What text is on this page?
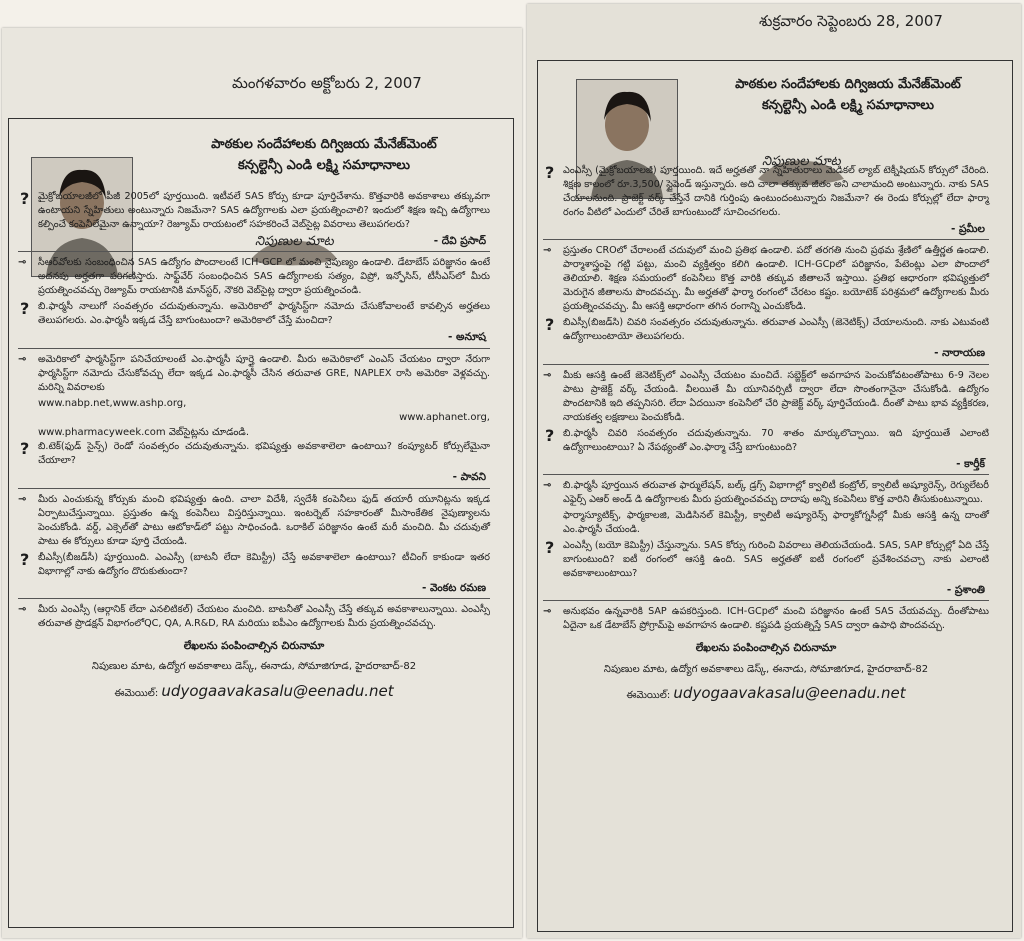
మంగళవారం అక్టోబరు 2, 2007
పాఠకుల సందేహాలకు దిగ్విజయ మేనేజ్‌మెంట్
కన్సల్టెన్సీ ఎండి లక్ష్మి సమాధానాలు
నిపుణుల మాట
? మైక్రోబయాలజీలో పీజీ 2005లో పూర్తయింది. ఇటీవలే SAS కోర్సు కూడా పూర్తిచేశాను. కొత్తవారికి అవకాశాలు తక్కువగా ఉంటాయని స్నేహితులు అంటున్నారు నిజమేనా? SAS ఉద్యోగాలకు ఎలా ప్రయత్నించాలి? ఇందులో శిక్షణ ఇచ్చి ఉద్యోగాలు కల్పించే కంపెనీలేమైనా ఉన్నాయా? రెజ్యూమ్ రాయటంలో సహకరించే వెబ్‌సైట్ల వివరాలు తెలుపగలరు?
- దేవి ప్రసాద్
⊸ సీఆర్‌వోలకు సంబంధించిన SAS ఉద్యోగం పొందాలంటే ICH-GCP లో మంచి నైపుణ్యం ఉండాలి. డేటాబేస్ పరిజ్ఞానం ఉంటే అదనపు అర్హతగా పరిగణిస్తారు. సాఫ్ట్‌వేర్ సంబంధించిన SAS ఉద్యోగాలకు సత్యం, విప్రో, ఇన్ఫోసిస్, టీసీఎస్‌లో మీరు ప్రయత్నించవచ్చు రెజ్యూమ్ రాయటానికి మాన్‌స్టర్, నౌకరి వెబ్‌సైట్ల ద్వారా ప్రయత్నించండి.
? బి.ఫార్మసీ నాలుగో సంవత్సరం చదువుతున్నాను. అమెరికాలో ఫార్మసిస్ట్‌గా నమోదు చేసుకోవాలంటే కావల్సిన అర్హతలు తెలుపగలరు. ఎం.ఫార్మసీ ఇక్కడ చేస్తే బాగుంటుందా? అమెరికాలో చేస్తే మంచిదా?
- అనూష
⊸ అమెరికాలో ఫార్మసిస్ట్‌గా పనిచేయాలంటే ఎం.ఫార్మసీ పూర్తై ఉండాలి. మీరు అమెరికాలో ఎంఎస్ చేయటం ద్వారా నేరుగా ఫార్మసిస్ట్‌గా నమోదు చేసుకోవచ్చు లేదా ఇక్కడ ఎం.ఫార్మసీ చేసిన తరువాత GRE, NAPLEX రాసి అమెరికా వెళ్లవచ్చు. మరిన్ని వివరాలకు
www.nabp.net,www.ashp.org,
www.aphanet.org,
www.pharmacyweek.com వెబ్‌సైట్లను చూడండి.
? బి.టెక్(ఫుడ్ సైన్స్) రెండో సంవత్సరం చదువుతున్నాను. భవిష్యత్తు అవకాశాలెలా ఉంటాయి? కంప్యూటర్ కోర్సులేమైనా చేయాలా?
- పావని
⊸ మీరు ఎంచుకున్న కోర్సుకు మంచి భవిష్యత్తు ఉంది. చాలా విదేశీ, స్వదేశీ కంపెనీలు ఫుడ్ తయారీ యూనిట్లను ఇక్కడ ఏర్పాటుచేస్తున్నాయి. ప్రస్తుతం ఉన్న కంపెనీలు విస్తరిస్తున్నాయి. ఇంటర్నెట్ సహకారంతో మీసాంకేతిక నైపుణ్యాలను పెంచుకోండి. వర్డ్, ఎక్సెల్‌తో పాటు ఆటోకాడ్‌లో పట్టు సాధించండి. ఒరాకిల్ పరిజ్ఞానం ఉంటే మరీ మంచిది. మీ చదువుతో పాటు ఈ కోర్సులు కూడా పూర్తి చేయండి.
? బీఎస్సీ(బీజడ్‌సీ) పూర్తయింది. ఎంఎస్సీ (బాటనీ లేదా కెమిస్ట్రీ) చేస్తే అవకాశాలెలా ఉంటాయి? టీచింగ్ కాకుండా ఇతర విభాగాల్లో నాకు ఉద్యోగం దొరుకుతుందా?
- వెంకట రమణ
⊸ మీరు ఎంఎస్సీ (ఆర్గానిక్ లేదా ఎనలిటికల్) చేయటం మంచిది. బాటనీతో ఎంఎస్సీ చేస్తే తక్కువ అవకాశాలున్నాయి. ఎంఎస్సీ తరువాత ప్రొడక్షన్ విభాగంలోQC, QA, A.R&D, RA మరియు ఐపీఎం ఉద్యోగాలకు మీరు ప్రయత్నించవచ్చు.
లేఖలను పంపించాల్సిన చిరునామా
నిపుణుల మాట, ఉద్యోగ అవకాశాలు డెస్క్, ఈనాడు, సోమాజిగూడ, హైదరాబాద్-82
ఈమెయిల్: udyogaavakasalu@eenadu.net
శుక్రవారం సెప్టెంబరు 28, 2007
పాఠకుల సందేహాలకు దిగ్విజయ మేనేజ్‌మెంట్
కన్సల్టెన్సీ ఎండి లక్ష్మి సమాధానాలు
నిపుణుల మాట
? ఎంఎస్సీ (మైక్రోబయాలజీ) పూర్తయింది. ఇదే అర్హతతో నా స్నేహితురాలు మెడికల్ ల్యాబ్ టెక్నీషియన్ కోర్సులో చేరింది. శిక్షణ కాలంలో రూ.3,500/ స్టైపెండ్ ఇస్తున్నారు. అది చాలా తక్కువ జీతం అని చాలామంది అంటున్నారు. నాకు SAS చేయాలనుంది. ప్రాజెక్ట్ వర్క్ చేస్తేనే దానికి గుర్తింపు ఉంటుందంటున్నారు నిజమేనా? ఈ రెండు కోర్సుల్లో లేదా ఫార్మా రంగం వీటిలో ఎందులో చేరితే బాగుంటుందో సూచించగలరు.
- ప్రమీల
⊸ ప్రస్తుతం CROలో చేరాలంటే చదువులో మంచి ప్రతిభ ఉండాలి. పదో తరగతి నుంచి ప్రథమ శ్రేణిలో ఉత్తీర్ణత ఉండాలి. పార్మాశాస్త్రంపై గట్టి పట్టు, మంచి వ్యక్తిత్వం కలిగి ఉండాలి. ICH-GCpలో పరిజ్ఞానం, పేటెంట్లు ఎలా పొందాలో తెలియాలి. శిక్షణ సమయంలో కంపెనీలు కొత్త వారికి తక్కువ జీతాలనే ఇస్తాయి. ప్రతిభ ఆధారంగా భవిష్యత్తులో మెరుగైన జీతాలను పొందవచ్చు. మీ అర్హతతో ఫార్మా రంగంలో చేరటం కష్టం. బయోటెక్ పరిశ్రమలో ఉద్యోగాలకు మీరు ప్రయత్నించవచ్చు. మీ ఆసక్తి ఆధారంగా తగిన రంగాన్ని ఎంచుకోండి.
? బిఎస్సీ(బిజడ్‌సి) చివరి సంవత్సరం చదువుతున్నాను. తరువాత ఎంఎస్సీ (జెనెటిక్స్) చేయాలనుంది. నాకు ఎటువంటి ఉద్యోగాలుంటాయో తెలుపగలరు.
- నారాయణ
⊸ మీకు ఆసక్తి ఉంటే జెనెటిక్స్‌లో ఎంఎస్సీ చేయటం మంచిదే. సబ్జెక్ట్‌లో అవగాహన పెంచుకోవటంతోపాటు 6-9 నెలల పాటు ప్రాజెక్ట్ వర్క్ చేయండి. వీలయితే మీ యూనివర్సిటీ ద్వారా లేదా సొంతంగానైనా చేసుకోండి. ఉద్యోగం పొందటానికి ఇది తప్పనిసరి. లేదా ఏదయినా కంపెనీలో చేరి ప్రాజెక్ట్ వర్క్ పూర్తిచేయండి. దీంతో పాటు భావ వ్యక్తీకరణ, నాయకత్వ లక్షణాలు పెంచుకోండి.
? బి.ఫార్మసీ చివరి సంవత్సరం చదువుతున్నాను. 70 శాతం మార్కులొచ్చాయి. ఇది పూర్తయితే ఎలాంటి ఉద్యోగాలుంటాయి? ఏ నేపథ్యంతో ఎం.ఫార్మా చేస్తే బాగుంటుంది?
- కార్తీక్
⊸ బి.ఫార్మసీ పూర్తయిన తరువాత ఫార్ములేషన్, బల్క్ డ్రగ్స్ విభాగాల్లో క్వాలిటీ కంట్రోల్, క్వాలిటీ అష్యూరెన్స్, రెగ్యులేటరీ ఎఫైర్స్ ఎఆర్ అండ్ డి ఉద్యోగాలకు మీరు ప్రయత్నించవచ్చు దాదాపు అన్ని కంపెనీలు కొత్త వారిని తీసుకుంటున్నాయి.
ఫార్మాస్యూటిక్స్, ఫార్మకాలజి, మెడిసినల్ కెమిస్ట్రీ, క్వాలిటీ అష్యూరెన్స్ ఫార్మాకోగ్నసీల్లో మీకు ఆసక్తి ఉన్న దాంతో ఎం.ఫార్మసీ చేయండి.
? ఎంఎస్సీ (బయో కెమిస్ట్రీ) చేస్తున్నాను. SAS కోర్సు గురించి వివరాలు తెలియచేయండి. SAS, SAP కోర్సుల్లో ఏది చేస్తే బాగుంటుంది? ఐటీ రంగంలో ఆసక్తి ఉంది. SAS అర్హతతో ఐటీ రంగంలో ప్రవేశించవచ్చా నాకు ఎలాంటి అవకాశాలుంటాయి?
- ప్రశాంతి
⊸ అనుభవం ఉన్నవారికి SAP ఉపకరిస్తుంది. ICH-GCpలో మంచి పరిజ్ఞానం ఉంటే SAS చేయవచ్చు. దీంతోపాటు ఏదైనా ఒక డేటాబేస్ ప్రోగ్రామ్‌పై అవగాహన ఉండాలి. కష్టపడి ప్రయత్నిస్తే SAS ద్వారా ఉపాధి పొందవచ్చు.
లేఖలను పంపించాల్సిన చిరునామా
నిపుణుల మాట, ఉద్యోగ అవకాశాలు డెస్క్, ఈనాడు, సోమాజిగూడ, హైదరాబాద్-82
ఈమెయిల్: udyogaavakasalu@eenadu.net
